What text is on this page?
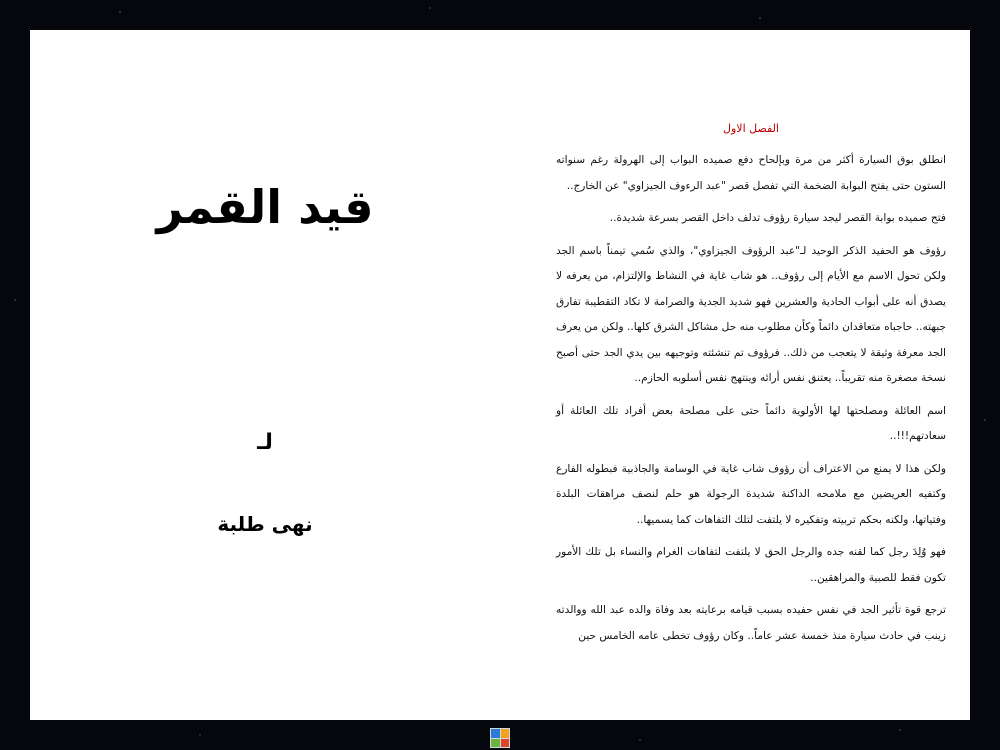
قيد القمر
لـ
نهى طلبة
الفصل الاول

انطلق بوق السيارة أكثر من مرة وبإلحاح دفع صميده البواب إلى الهرولة رغم سنواته الستون حتى يفتح البوابة الضخمة التي تفصل قصر "عبد الرءوف الجيزاوي" عن الخارج..

فتح صميده بوابة القصر ليجد سيارة رؤوف تدلف داخل القصر بسرعة شديدة..

رؤوف هو الحفيد الذكر الوحيد لـ"عبد الرؤوف الجيزاوي"، والذي سُمي تيمناً باسم الجد ولكن تحول الاسم مع الأيام إلى رؤوف.. هو شاب غاية في النشاط والإلتزام، من يعرفه لا يصدق أنه على أبواب الحادية والعشرين فهو شديد الجدية والصرامة لا تكاد التقطيبة تفارق جبهته.. حاجباه متعاقدان دائماً وكأن مطلوب منه حل مشاكل الشرق كلها.. ولكن من يعرف الجد معرفة وثيقة لا يتعجب من ذلك.. فرؤوف تم تنشئته وتوجيهه بين يدي الجد حتى أصبح نسخة مصغرة منه تقريباً.. يعتنق نفس أرائه وينتهج نفس أسلوبه الحازم..

اسم العائلة ومصلحتها لها الأولوية دائماً حتى على مصلحة بعض أفراد تلك العائلة أو سعادتهم!!!..

ولكن هذا لا يمنع من الاعتراف أن رؤوف شاب غاية في الوسامة والجاذبية فبطوله الفارع وكتفيه العريضين مع ملامحه الداكنة شديدة الرجولة هو حلم لنصف مراهقات البلدة وفتياتها، ولكنه بحكم تربيته وتفكيره لا يلتفت لتلك التفاهات كما يسميها..

فهو وُلِدَ رجل كما لقنه جده والرجل الحق لا يلتفت لتفاهات الغرام والنساء بل تلك الأمور تكون فقط للصبية والمراهقين..

ترجع قوة تأثير الجد في نفس حفيده بسبب قيامه برعايته بعد وفاة والده عبد الله ووالدته زينب في حادث سيارة منذ خمسة عشر عاماً.. وكان رؤوف تخطى عامه الخامس حين
